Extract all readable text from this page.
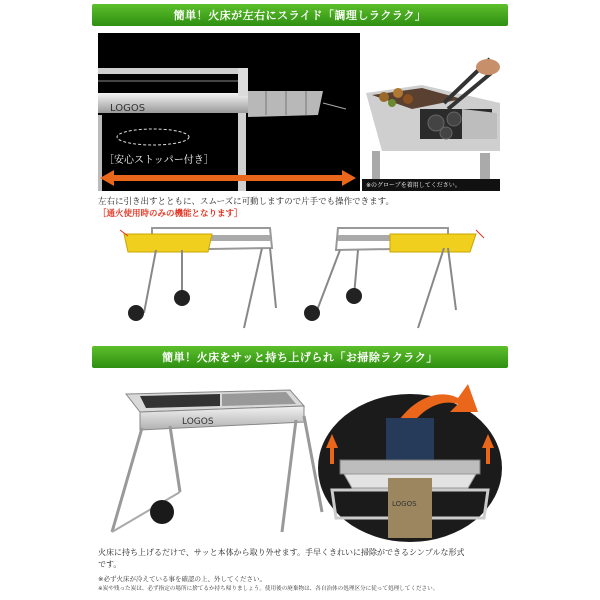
簡単！火床が左右にスライド「調理しラクラク」
LOGOS
［安心ストッパー付き］
※のグローブを着用してください。
左右に引き出すとともに、スムーズに可動しますので片手でも操作できます。
［通火使用時のみの機能となります］
簡単！火床をサッと持ち上げられ「お掃除ラクラク」
LOGOS
LOGOS
火床に持ち上げるだけで、サッと本体から取り外せます。手早くきれいに掃除ができるシンプルな形式
です。
※必ず火床が冷えている事を確認の上、外してください。
※炭や残った炭は、必ず指定の場所に捨てるか持ち帰りましょう。使用後の廃棄物は、各自治体の処理区分に従って処理してください。
